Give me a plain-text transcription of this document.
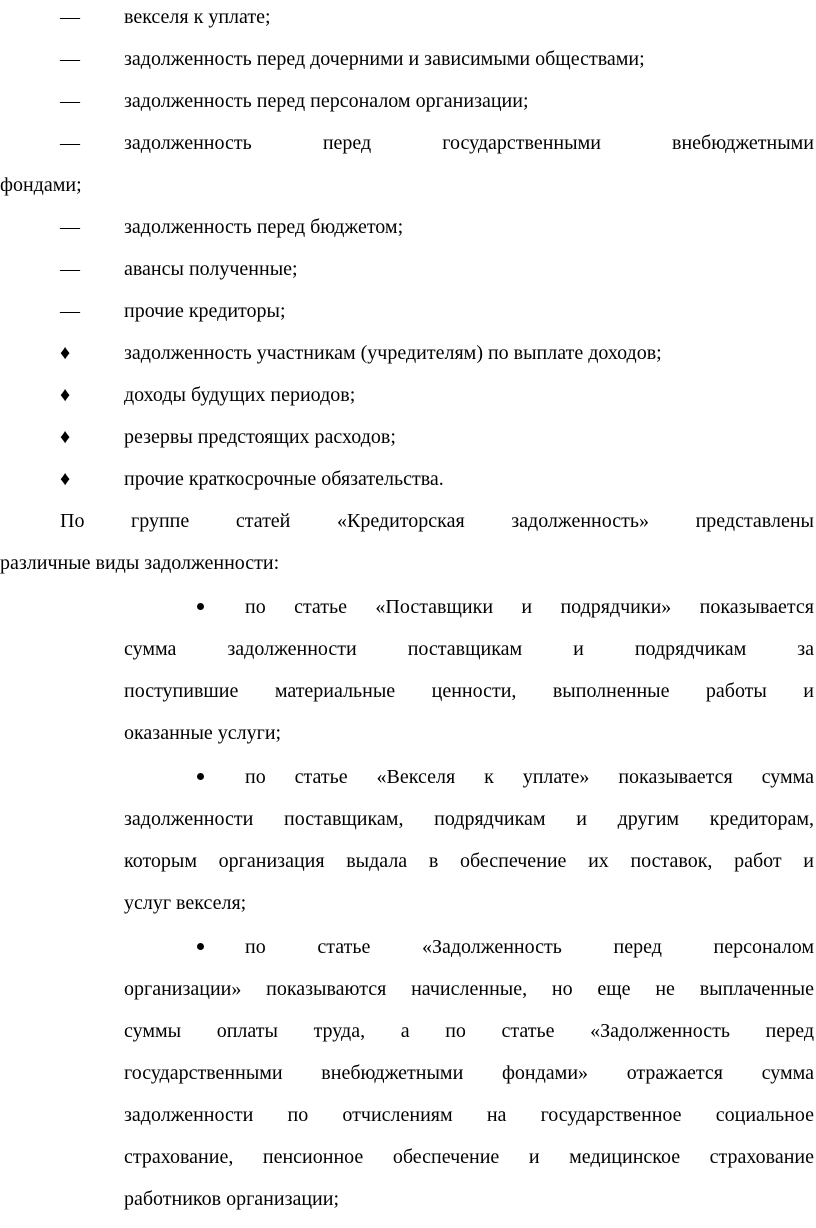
— векселя к уплате;
— задолженность перед дочерними и зависимыми обществами;
— задолженность перед персоналом организации;
— задолженность перед государственными внебюджетными
фондами;
— задолженность перед бюджетом;
— авансы полученные;
— прочие кредиторы;
♦	задолженность участникам (учредителям) по выплате доходов;
♦	доходы будущих периодов;
♦	резервы предстоящих расходов;
♦	прочие краткосрочные обязательства.
По группе статей «Кредиторская задолженность» представлены
различные виды задолженности:
по статье «Поставщики и подрядчики» показывается
сумма задолженности поставщикам и подрядчикам за
поступившие материальные ценности, выполненные работы и
оказанные услуги;
по статье «Векселя к уплате» показывается сумма
задолженности поставщикам, подрядчикам и другим кредиторам,
которым организация выдала в обеспечение их поставок, работ и
услуг векселя;
по статье «Задолженность перед персоналом
организации» показываются начисленные, но еще не выплаченные
суммы оплаты труда, а по статье «Задолженность перед
государственными внебюджетными фондами» отражается сумма
задолженности по отчислениям на государственное социальное
страхование, пенсионное обеспечение и медицинское страхование
работников организации;
